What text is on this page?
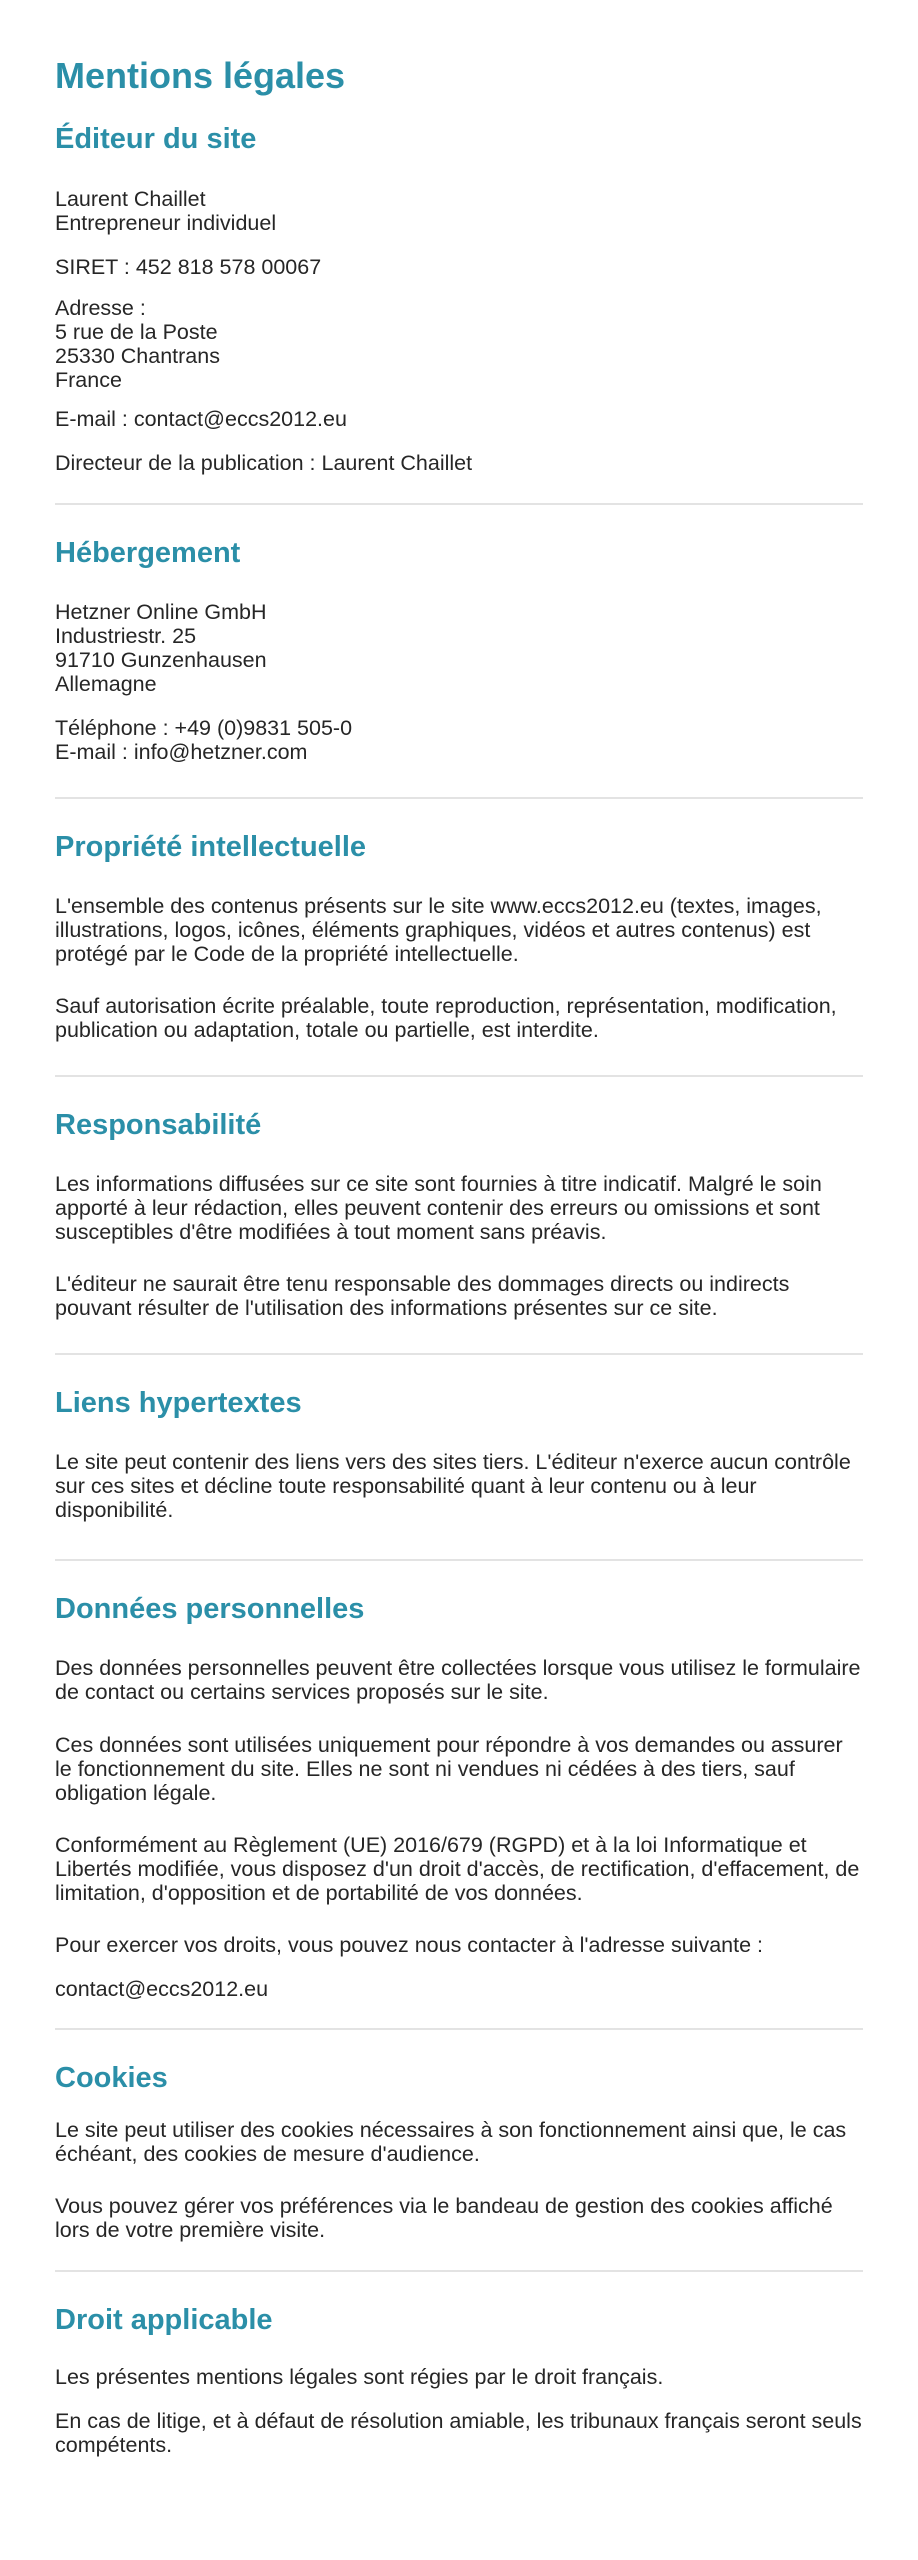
Mentions légales
Éditeur du site
Laurent Chaillet
Entrepreneur individuel
SIRET : 452 818 578 00067
Adresse :
5 rue de la Poste
25330 Chantrans
France
E-mail : contact@eccs2012.eu
Directeur de la publication : Laurent Chaillet
Hébergement
Hetzner Online GmbH
Industriestr. 25
91710 Gunzenhausen
Allemagne
Téléphone : +49 (0)9831 505-0
E-mail : info@hetzner.com
Propriété intellectuelle
L'ensemble des contenus présents sur le site www.eccs2012.eu (textes, images, illustrations, logos, icônes, éléments graphiques, vidéos et autres contenus) est protégé par le Code de la propriété intellectuelle.
Sauf autorisation écrite préalable, toute reproduction, représentation, modification, publication ou adaptation, totale ou partielle, est interdite.
Responsabilité
Les informations diffusées sur ce site sont fournies à titre indicatif. Malgré le soin apporté à leur rédaction, elles peuvent contenir des erreurs ou omissions et sont susceptibles d'être modifiées à tout moment sans préavis.
L'éditeur ne saurait être tenu responsable des dommages directs ou indirects pouvant résulter de l'utilisation des informations présentes sur ce site.
Liens hypertextes
Le site peut contenir des liens vers des sites tiers. L'éditeur n'exerce aucun contrôle sur ces sites et décline toute responsabilité quant à leur contenu ou à leur disponibilité.
Données personnelles
Des données personnelles peuvent être collectées lorsque vous utilisez le formulaire de contact ou certains services proposés sur le site.
Ces données sont utilisées uniquement pour répondre à vos demandes ou assurer le fonctionnement du site. Elles ne sont ni vendues ni cédées à des tiers, sauf obligation légale.
Conformément au Règlement (UE) 2016/679 (RGPD) et à la loi Informatique et Libertés modifiée, vous disposez d'un droit d'accès, de rectification, d'effacement, de limitation, d'opposition et de portabilité de vos données.
Pour exercer vos droits, vous pouvez nous contacter à l'adresse suivante :
contact@eccs2012.eu
Cookies
Le site peut utiliser des cookies nécessaires à son fonctionnement ainsi que, le cas échéant, des cookies de mesure d'audience.
Vous pouvez gérer vos préférences via le bandeau de gestion des cookies affiché lors de votre première visite.
Droit applicable
Les présentes mentions légales sont régies par le droit français.
En cas de litige, et à défaut de résolution amiable, les tribunaux français seront seuls compétents.
